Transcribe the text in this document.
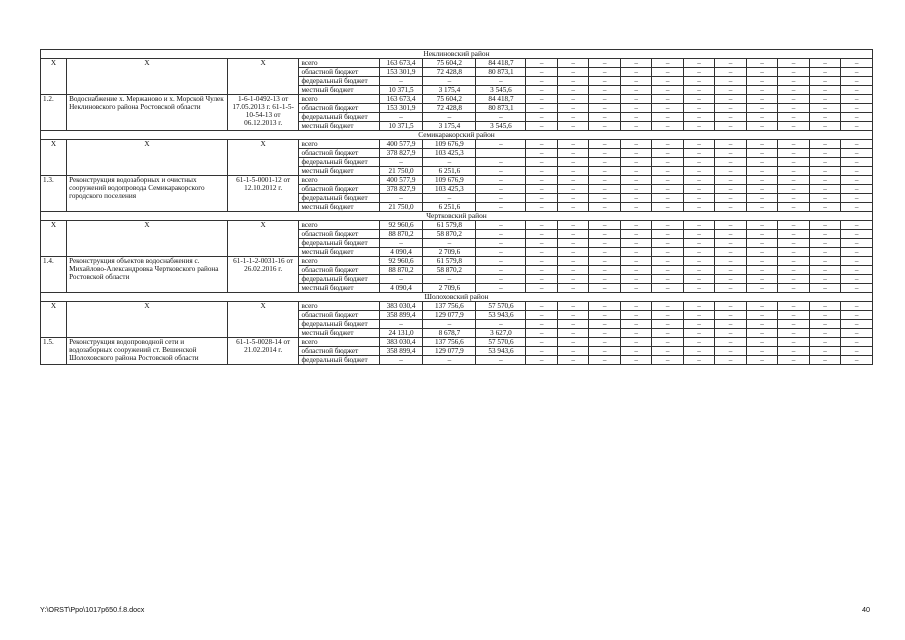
Неклиновский район																	
Х	Х	Х	всего	163 673,4	75 604,2	84 418,7	–	–	–	–	–	–	–	–	–	–	–
			областной бюджет	153 301,9	72 428,8	80 873,1	–	–	–	–	–	–	–	–	–	–	–
			федеральный бюджет	–	–	–	–	–	–	–	–	–	–	–	–	–	–
			местный бюджет	10 371,5	3 175,4	3 545,6	–	–	–	–	–	–	–	–	–	–	–
1.2.	Водоснабжение х. Мержаново и х. Морской Чулек Неклиновского района Ростовской области	1-6-1-0492-13 от 17.05.2013 г. 61-1-5-10-54-13 от 06.12.2013 г.	всего	163 673,4	75 604,2	84 418,7	–	–	–	–	–	–	–	–	–	–	–
			областной бюджет	153 301,9	72 428,8	80 873,1	–	–	–	–	–	–	–	–	–	–	–
			федеральный бюджет	–	–	–	–	–	–	–	–	–	–	–	–	–	–
			местный бюджет	10 371,5	3 175,4	3 545,6	–	–	–	–	–	–	–	–	–	–	–
Семикаракорский район																	
Х	Х	Х	всего	400 577,9	109 676,9	–	–	–	–	–	–	–	–	–	–	–	–
			областной бюджет	378 827,9	103 425,3		–	–	–	–	–	–	–	–	–	–	–
			федеральный бюджет	–	–	–	–	–	–	–	–	–	–	–	–	–	–
			местный бюджет	21 750,0	6 251,6	–	–	–	–	–	–	–	–	–	–	–	–
1.3.	Реконструкция водозаборных и очистных сооружений водопровода Семикаракорского городского поселения	61-1-5-0001-12 от 12.10.2012 г.	всего	400 577,9	109 676,9	–	–	–	–	–	–	–	–	–	–	–	–
			областной бюджет	378 827,9	103 425,3	–	–	–	–	–	–	–	–	–	–	–	–
			федеральный бюджет	–	–	–	–	–	–	–	–	–	–	–	–	–	–
			местный бюджет	21 750,0	6 251,6	–	–	–	–	–	–	–	–	–	–	–	–
Чертковский район																	
Х	Х	Х	всего	92 960,6	61 579,8	–	–	–	–	–	–	–	–	–	–	–	–
			областной бюджет	88 870,2	58 870,2	–	–	–	–	–	–	–	–	–	–	–	–
			федеральный бюджет	–	–	–	–	–	–	–	–	–	–	–	–	–	–
			местный бюджет	4 090,4	2 709,6	–	–	–	–	–	–	–	–	–	–	–	–
1.4.	Реконструкция объектов водоснабжения с. Михайлово-Александровка Чертковского района Ростовской области	61-1-1-2-0031-16 от 26.02.2016 г.	всего	92 960,6	61 579,8	–	–	–	–	–	–	–	–	–	–	–	–
			областной бюджет	88 870,2	58 870,2	–	–	–	–	–	–	–	–	–	–	–	–
			федеральный бюджет	–	–	–	–	–	–	–	–	–	–	–	–	–	–
			местный бюджет	4 090,4	2 709,6	–	–	–	–	–	–	–	–	–	–	–	–
Шолоховский район																	
Х	Х	Х	всего	383 030,4	137 756,6	57 570,6	–	–	–	–	–	–	–	–	–	–	–
			областной бюджет	358 899,4	129 077,9	53 943,6	–	–	–	–	–	–	–	–	–	–	–
			федеральный бюджет	–	–	–	–	–	–	–	–	–	–	–	–	–	–
			местный бюджет	24 131,0	8 678,7	3 627,0	–	–	–	–	–	–	–	–	–	–	–
1.5.	Реконструкция водопроводной сети и водозаборных сооружений ст. Вешенской Шолоховского района Ростовской области	61-1-5-0028-14 от 21.02.2014 г.	всего	383 030,4	137 756,6	57 570,6	–	–	–	–	–	–	–	–	–	–	–
			областной бюджет	358 899,4	129 077,9	53 943,6	–	–	–	–	–	–	–	–	–	–	–
			федеральный бюджет	–	–	–	–	–	–	–	–	–	–	–	–	–	–
Y:\ORST\Ppo\1017p650.f.8.docx	40
